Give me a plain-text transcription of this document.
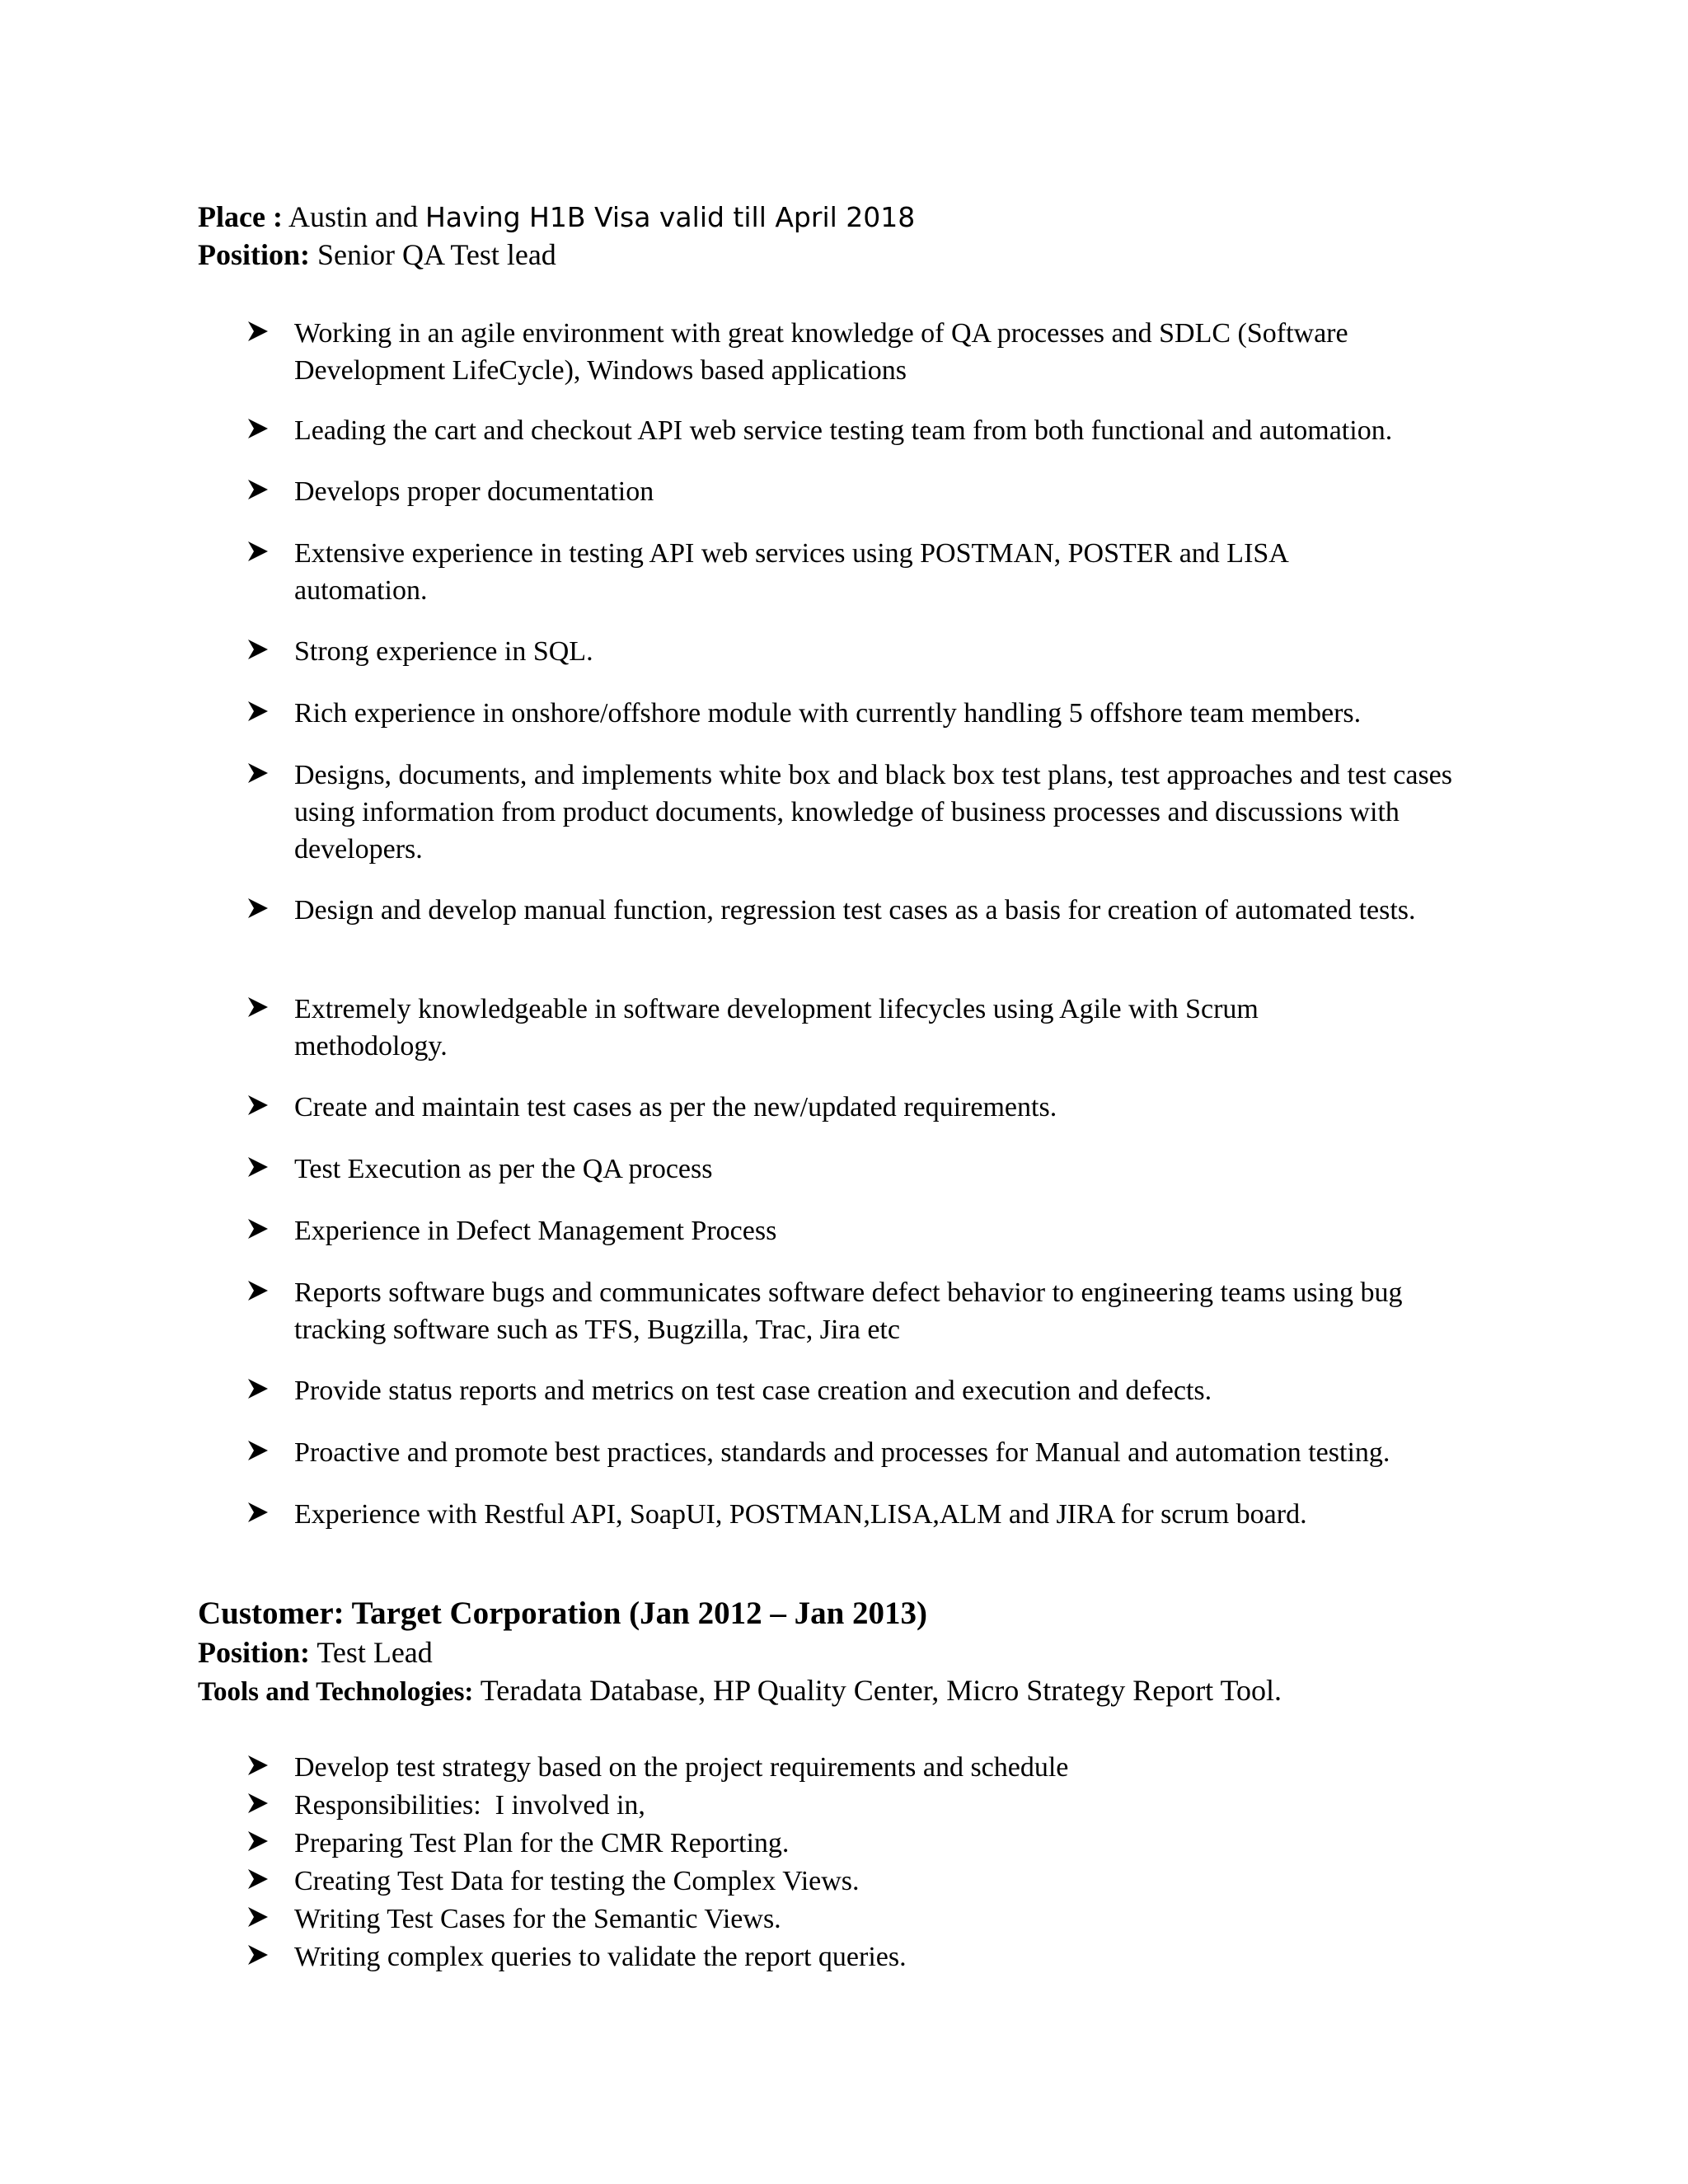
Place : Austin and Having H1B Visa valid till April 2018
Position: Senior QA Test lead
Working in an agile environment with great knowledge of QA processes and SDLC (Software Development LifeCycle), Windows based applications
Leading the cart and checkout API web service testing team from both functional and automation.
Develops proper documentation
Extensive experience in testing API web services using POSTMAN, POSTER and LISA automation.
Strong experience in SQL.
Rich experience in onshore/offshore module with currently handling 5 offshore team members.
Designs, documents, and implements white box and black box test plans, test approaches and test cases using information from product documents, knowledge of business processes and discussions with developers.
Design and develop manual function, regression test cases as a basis for creation of automated tests.
Extremely knowledgeable in software development lifecycles using Agile with Scrum methodology.
Create and maintain test cases as per the new/updated requirements.
Test Execution as per the QA process
Experience in Defect Management Process
Reports software bugs and communicates software defect behavior to engineering teams using bug tracking software such as TFS, Bugzilla, Trac, Jira etc
Provide status reports and metrics on test case creation and execution and defects.
Proactive and promote best practices, standards and processes for Manual and automation testing.
Experience with Restful API, SoapUI, POSTMAN,LISA,ALM and JIRA for scrum board.
Customer: Target Corporation (Jan 2012 – Jan 2013)
Position: Test Lead
Tools and Technologies: Teradata Database, HP Quality Center, Micro Strategy Report Tool.
Develop test strategy based on the project requirements and schedule
Responsibilities:  I involved in,
Preparing Test Plan for the CMR Reporting.
Creating Test Data for testing the Complex Views.
Writing Test Cases for the Semantic Views.
Writing complex queries to validate the report queries.
